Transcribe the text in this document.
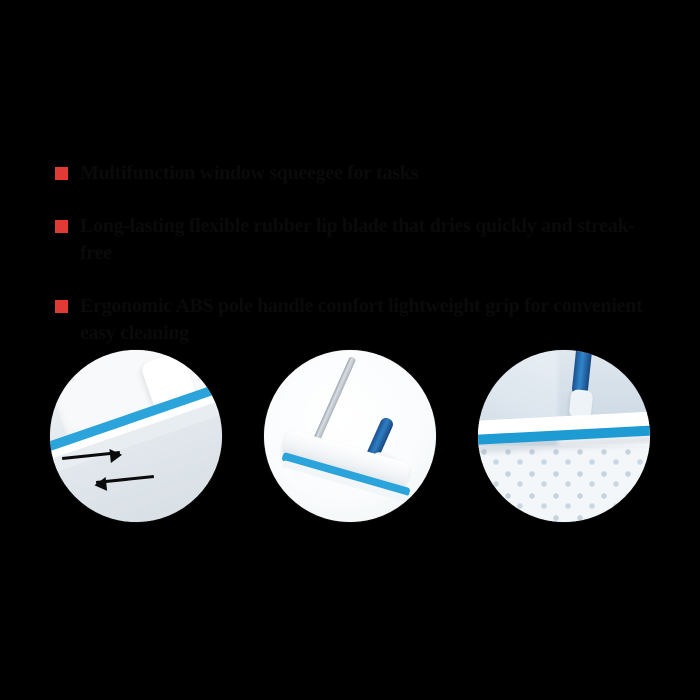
Multifunction window squeegee for tasks
Long-lasting flexible rubber lip blade that dries quickly and streak-free
Ergonomic ABS pole handle comfort lightweight grip for convenient easy cleaning
